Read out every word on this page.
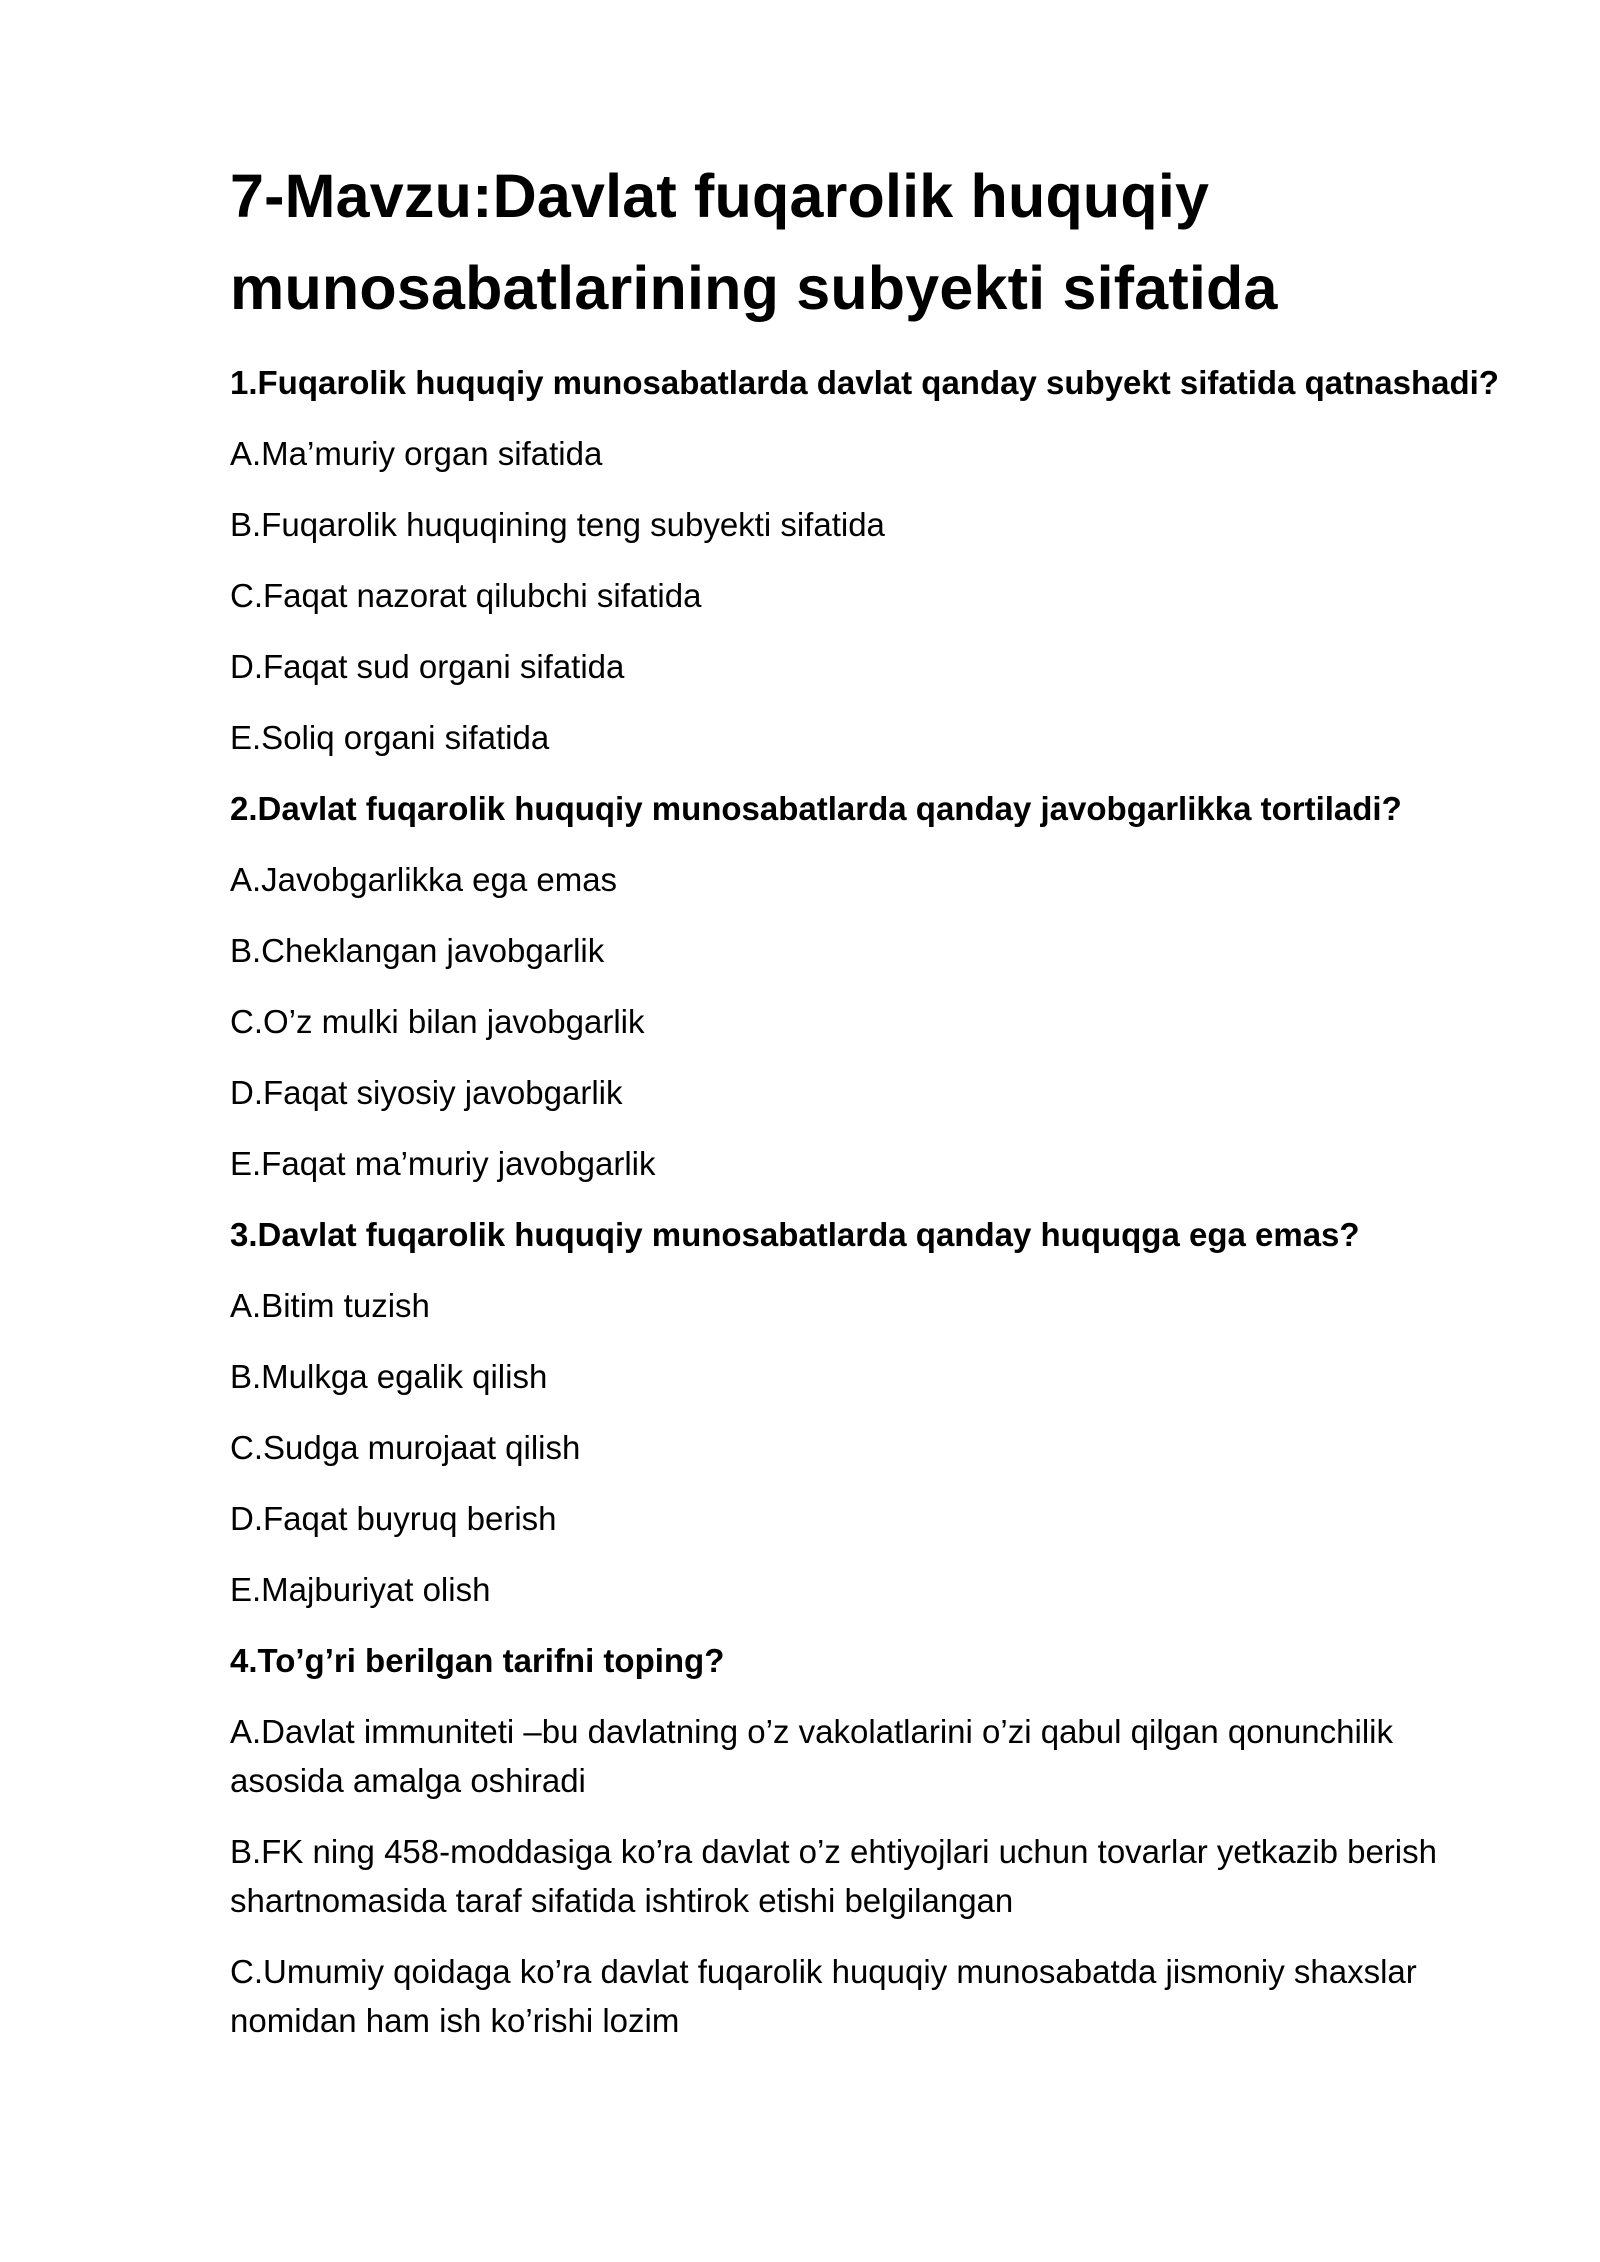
7-Mavzu:Davlat fuqarolik huquqiy munosabatlarining subyekti sifatida
1.Fuqarolik huquqiy munosabatlarda davlat qanday subyekt sifatida qatnashadi?
A.Ma’muriy organ sifatida
B.Fuqarolik huquqining teng subyekti sifatida
C.Faqat nazorat qilubchi sifatida
D.Faqat sud organi sifatida
E.Soliq organi sifatida
2.Davlat fuqarolik huquqiy munosabatlarda qanday javobgarlikka tortiladi?
A.Javobgarlikka ega emas
B.Cheklangan javobgarlik
C.O’z mulki bilan javobgarlik
D.Faqat siyosiy javobgarlik
E.Faqat ma’muriy javobgarlik
3.Davlat fuqarolik huquqiy munosabatlarda qanday huquqga ega emas?
A.Bitim tuzish
B.Mulkga egalik qilish
C.Sudga murojaat qilish
D.Faqat buyruq berish
E.Majburiyat olish
4.To’g’ri berilgan tarifni toping?
A.Davlat immuniteti –bu davlatning o’z vakolatlarini o’zi qabul qilgan qonunchilik asosida amalga oshiradi
B.FK ning 458-moddasiga ko’ra davlat o’z ehtiyojlari uchun tovarlar yetkazib berish shartnomasida taraf sifatida ishtirok etishi belgilangan
C.Umumiy qoidaga ko’ra davlat fuqarolik huquqiy munosabatda jismoniy shaxslar nomidan ham ish ko’rishi lozim
